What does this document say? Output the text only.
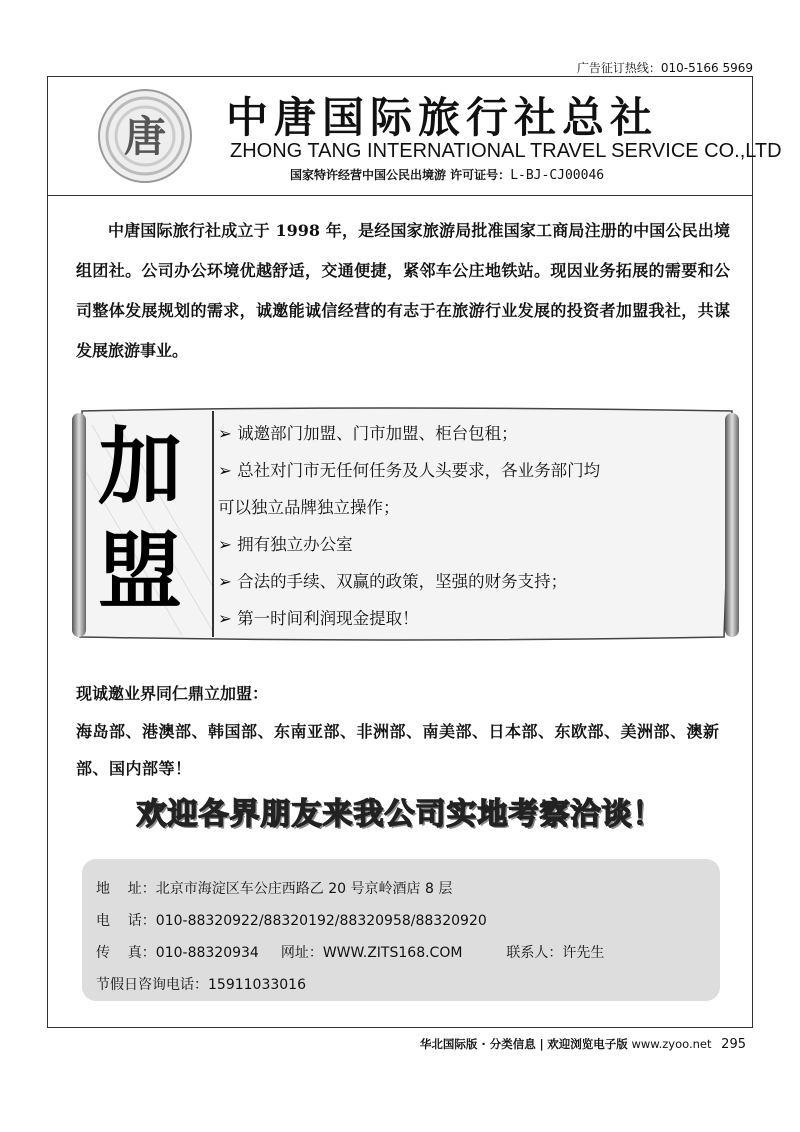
广告征订热线：010-5166 5969
唐 中唐国际旅行社总社
ZHONG TANG INTERNATIONAL TRAVEL SERVICE CO.,LTD
国家特许经营中国公民出境游 许可证号：L-BJ-CJ00046
中唐国际旅行社成立于 1998 年，是经国家旅游局批准国家工商局注册的中国公民出境组团社。公司办公环境优越舒适，交通便捷，紧邻车公庄地铁站。现因业务拓展的需要和公司整体发展规划的需求，诚邀能诚信经营的有志于在旅游行业发展的投资者加盟我社，共谋发展旅游事业。
加
盟
➢ 诚邀部门加盟、门市加盟、柜台包租；
➢ 总社对门市无任何任务及人头要求，各业务部门均
可以独立品牌独立操作；
➢ 拥有独立办公室
➢ 合法的手续、双赢的政策，坚强的财务支持；
➢ 第一时间利润现金提取！
现诚邀业界同仁鼎立加盟：
海岛部、港澳部、韩国部、东南亚部、非洲部、南美部、日本部、东欧部、美洲部、澳新部、国内部等！
欢迎各界朋友来我公司实地考察洽谈！
地    址：北京市海淀区车公庄西路乙 20 号京岭酒店 8 层
电    话：010-88320922/88320192/88320958/88320920
传    真：010-88320934 网址：WWW.ZITS168.COM	联系人：许先生
节假日咨询电话：15911033016
华北国际版 · 分类信息 | 欢迎浏览电子版 www.zyoo.net 295
